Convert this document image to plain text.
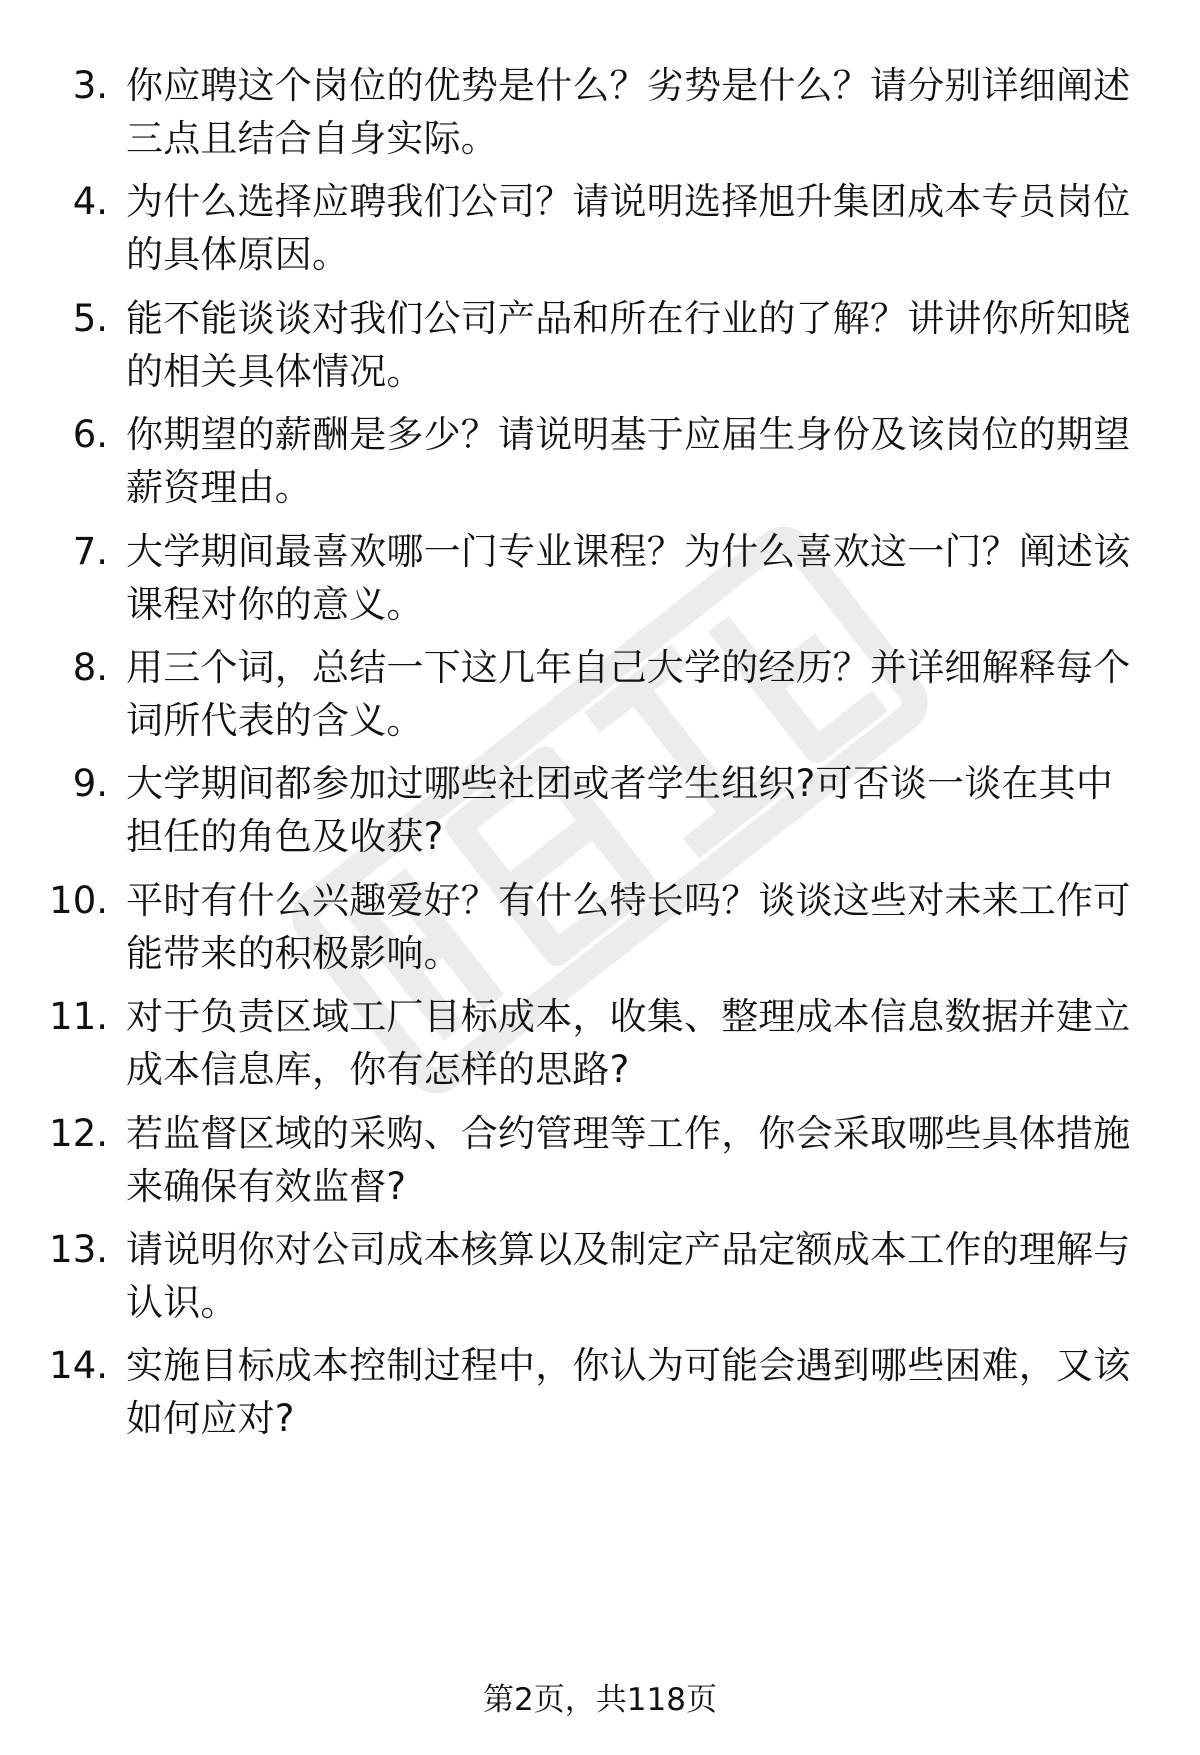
3. 你应聘这个岗位的优势是什么？劣势是什么？请分别详细阐述三点且结合自身实际。
4. 为什么选择应聘我们公司？请说明选择旭升集团成本专员岗位的具体原因。
5. 能不能谈谈对我们公司产品和所在行业的了解？讲讲你所知晓的相关具体情况。
6. 你期望的薪酬是多少？请说明基于应届生身份及该岗位的期望薪资理由。
7. 大学期间最喜欢哪一门专业课程？为什么喜欢这一门？阐述该课程对你的意义。
8. 用三个词，总结一下这几年自己大学的经历？并详细解释每个词所代表的含义。
9. 大学期间都参加过哪些社团或者学生组织?可否谈一谈在其中担任的角色及收获?
10. 平时有什么兴趣爱好？有什么特长吗？谈谈这些对未来工作可能带来的积极影响。
11. 对于负责区域工厂目标成本，收集、整理成本信息数据并建立成本信息库，你有怎样的思路?
12. 若监督区域的采购、合约管理等工作，你会采取哪些具体措施来确保有效监督?
13. 请说明你对公司成本核算以及制定产品定额成本工作的理解与认识。
14. 实施目标成本控制过程中，你认为可能会遇到哪些困难，又该如何应对?
第2页，共118页
